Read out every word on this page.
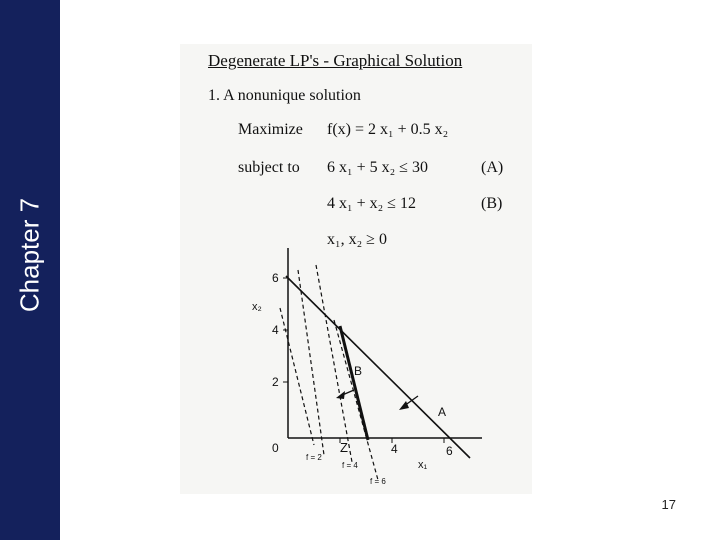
Chapter 7
Degenerate LP's - Graphical Solution
1. A nonunique solution
Maximize f(x) = 2 x₁ + 0.5 x₂
subject to 6 x₁ + 5 x₂ ≤ 30	(A)
4 x₁ + x₂ ≤ 12	(B)
x₁, x₂ ≥ 0
6
4
2
0	4	6
x₂
x₁
Z
B
A
f = 2
f = 4
f = 6
17
